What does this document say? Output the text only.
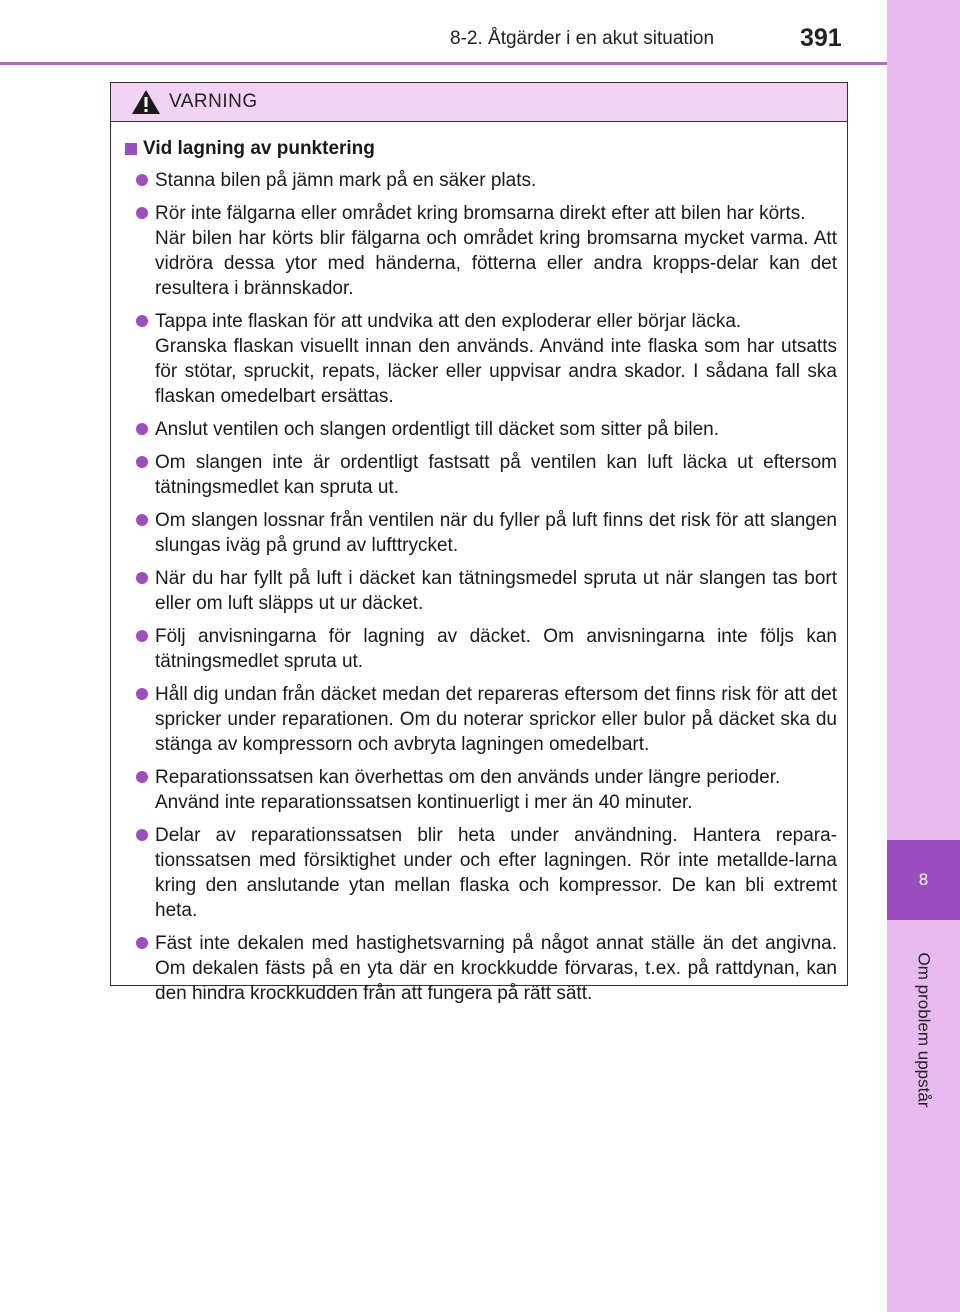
8
Om problem uppstår
8-2. Åtgärder i en akut situation	391
VARNING
Vid lagning av punktering
Stanna bilen på jämn mark på en säker plats.
Rör inte fälgarna eller området kring bromsarna direkt efter att bilen har körts.
När bilen har körts blir fälgarna och området kring bromsarna mycket varma. Att vidröra dessa ytor med händerna, fötterna eller andra kropps-delar kan det resultera i brännskador.
Tappa inte flaskan för att undvika att den exploderar eller börjar läcka.
Granska flaskan visuellt innan den används. Använd inte flaska som har utsatts för stötar, spruckit, repats, läcker eller uppvisar andra skador. I sådana fall ska flaskan omedelbart ersättas.
Anslut ventilen och slangen ordentligt till däcket som sitter på bilen.
Om slangen inte är ordentligt fastsatt på ventilen kan luft läcka ut eftersom tätningsmedlet kan spruta ut.
Om slangen lossnar från ventilen när du fyller på luft finns det risk för att slangen slungas iväg på grund av lufttrycket.
När du har fyllt på luft i däcket kan tätningsmedel spruta ut när slangen tas bort eller om luft släpps ut ur däcket.
Följ anvisningarna för lagning av däcket. Om anvisningarna inte följs kan tätningsmedlet spruta ut.
Håll dig undan från däcket medan det repareras eftersom det finns risk för att det spricker under reparationen. Om du noterar sprickor eller bulor på däcket ska du stänga av kompressorn och avbryta lagningen omedelbart.
Reparationssatsen kan överhettas om den används under längre perioder.
Använd inte reparationssatsen kontinuerligt i mer än 40 minuter.
Delar av reparationssatsen blir heta under användning. Hantera repara-tionssatsen med försiktighet under och efter lagningen. Rör inte metallde-larna kring den anslutande ytan mellan flaska och kompressor. De kan bli extremt heta.
Fäst inte dekalen med hastighetsvarning på något annat ställe än det angivna. Om dekalen fästs på en yta där en krockkudde förvaras, t.ex. på rattdynan, kan den hindra krockkudden från att fungera på rätt sätt.
